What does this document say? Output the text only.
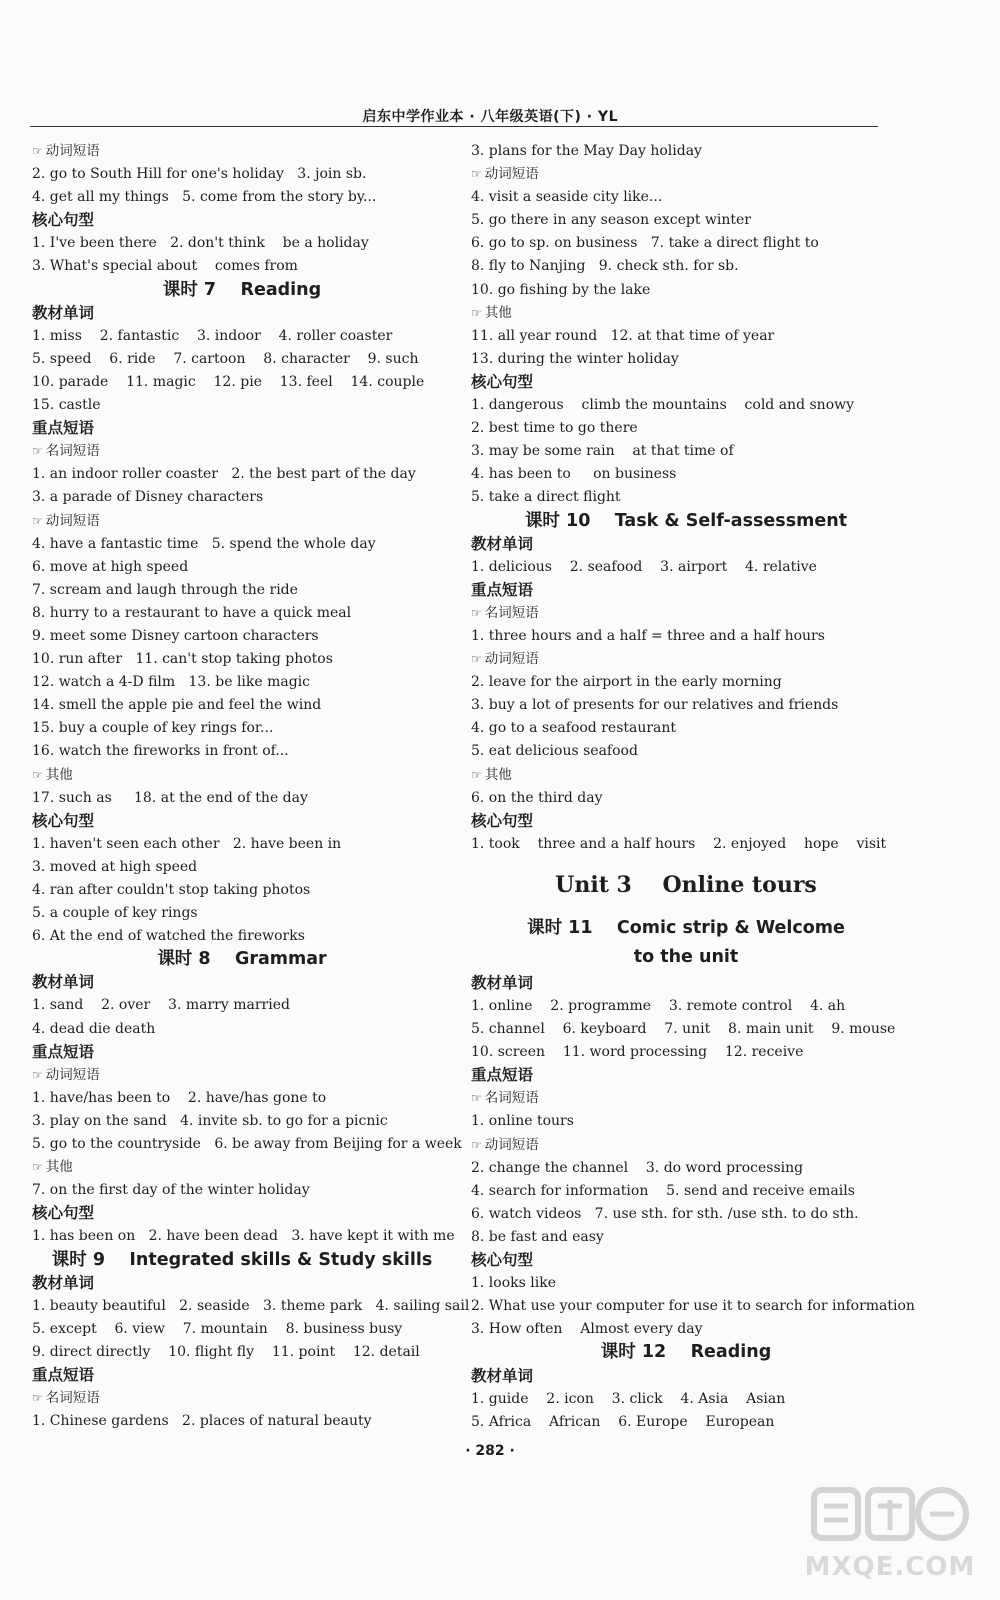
启东中学作业本 · 八年级英语(下) · YL
☞ 动词短语
2. go to South Hill for one's holiday   3. join sb.
4. get all my things   5. come from the story by...
核心句型
1. I've been there   2. don't think    be a holiday
3. What's special about    comes from
课时 7    Reading
教材单词
1. miss    2. fantastic    3. indoor    4. roller coaster
5. speed    6. ride    7. cartoon    8. character    9. such
10. parade    11. magic    12. pie    13. feel    14. couple
15. castle
重点短语
☞ 名词短语
1. an indoor roller coaster   2. the best part of the day
3. a parade of Disney characters
☞ 动词短语
4. have a fantastic time   5. spend the whole day
6. move at high speed
7. scream and laugh through the ride
8. hurry to a restaurant to have a quick meal
9. meet some Disney cartoon characters
10. run after   11. can't stop taking photos
12. watch a 4-D film   13. be like magic
14. smell the apple pie and feel the wind
15. buy a couple of key rings for...
16. watch the fireworks in front of...
☞ 其他
17. such as     18. at the end of the day
核心句型
1. haven't seen each other   2. have been in
3. moved at high speed
4. ran after couldn't stop taking photos
5. a couple of key rings
6. At the end of watched the fireworks
课时 8    Grammar
教材单词
1. sand    2. over    3. marry married
4. dead die death
重点短语
☞ 动词短语
1. have/has been to    2. have/has gone to
3. play on the sand   4. invite sb. to go for a picnic
5. go to the countryside   6. be away from Beijing for a week
☞ 其他
7. on the first day of the winter holiday
核心句型
1. has been on   2. have been dead   3. have kept it with me
课时 9    Integrated skills & Study skills
教材单词
1. beauty beautiful   2. seaside   3. theme park   4. sailing sail
5. except    6. view    7. mountain    8. business busy
9. direct directly    10. flight fly    11. point    12. detail
重点短语
☞ 名词短语
1. Chinese gardens   2. places of natural beauty
3. plans for the May Day holiday
☞ 动词短语
4. visit a seaside city like...
5. go there in any season except winter
6. go to sp. on business   7. take a direct flight to
8. fly to Nanjing   9. check sth. for sb.
10. go fishing by the lake
☞ 其他
11. all year round   12. at that time of year
13. during the winter holiday
核心句型
1. dangerous    climb the mountains    cold and snowy
2. best time to go there
3. may be some rain    at that time of
4. has been to     on business
5. take a direct flight
课时 10    Task & Self-assessment
教材单词
1. delicious    2. seafood    3. airport    4. relative
重点短语
☞ 名词短语
1. three hours and a half = three and a half hours
☞ 动词短语
2. leave for the airport in the early morning
3. buy a lot of presents for our relatives and friends
4. go to a seafood restaurant
5. eat delicious seafood
☞ 其他
6. on the third day
核心句型
1. took    three and a half hours    2. enjoyed    hope    visit
Unit 3    Online tours
课时 11    Comic strip & Welcome
to the unit
教材单词
1. online    2. programme    3. remote control    4. ah
5. channel    6. keyboard    7. unit    8. main unit    9. mouse
10. screen    11. word processing    12. receive
重点短语
☞ 名词短语
1. online tours
☞ 动词短语
2. change the channel    3. do word processing
4. search for information    5. send and receive emails
6. watch videos   7. use sth. for sth. /use sth. to do sth.
8. be fast and easy
核心句型
1. looks like
2. What use your computer for use it to search for information
3. How often    Almost every day
课时 12    Reading
教材单词
1. guide    2. icon    3. click    4. Asia    Asian
5. Africa    African    6. Europe    European
· 282 ·
MXQE.COM
